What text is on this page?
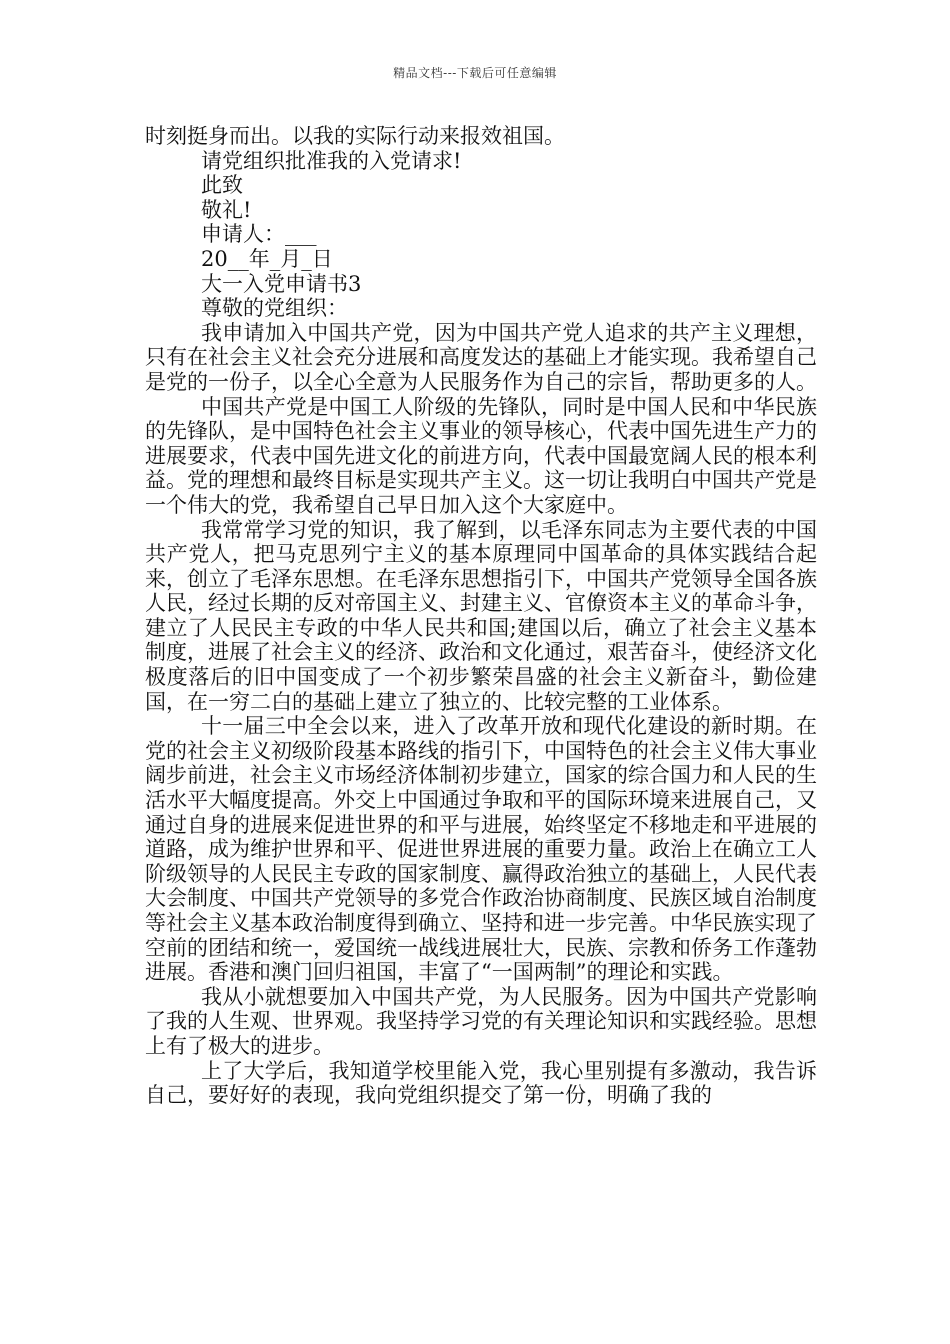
精品文档---下载后可任意编辑

时刻挺身而出。以我的实际行动来报效祖国。

请党组织批准我的入党请求!

此致

敬礼!

申请人：___

20__年_月_日

大一入党申请书3

尊敬的党组织：

我申请加入中国共产党，因为中国共产党人追求的共产主义理想，只有在社会主义社会充分进展和高度发达的基础上才能实现。我希望自己是党的一份子，以全心全意为人民服务作为自己的宗旨，帮助更多的人。

中国共产党是中国工人阶级的先锋队，同时是中国人民和中华民族的先锋队，是中国特色社会主义事业的领导核心，代表中国先进生产力的进展要求，代表中国先进文化的前进方向，代表中国最宽阔人民的根本利益。党的理想和最终目标是实现共产主义。这一切让我明白中国共产党是一个伟大的党，我希望自己早日加入这个大家庭中。

我常常学习党的知识，我了解到，以毛泽东同志为主要代表的中国共产党人，把马克思列宁主义的基本原理同中国革命的具体实践结合起来，创立了毛泽东思想。在毛泽东思想指引下，中国共产党领导全国各族人民，经过长期的反对帝国主义、封建主义、官僚资本主义的革命斗争，建立了人民民主专政的中华人民共和国;建国以后，确立了社会主义基本制度，进展了社会主义的经济、政治和文化通过，艰苦奋斗，使经济文化极度落后的旧中国变成了一个初步繁荣昌盛的社会主义新奋斗，勤俭建国，在一穷二白的基础上建立了独立的、比较完整的工业体系。

十一届三中全会以来，进入了改革开放和现代化建设的新时期。在党的社会主义初级阶段基本路线的指引下，中国特色的社会主义伟大事业阔步前进，社会主义市场经济体制初步建立，国家的综合国力和人民的生活水平大幅度提高。外交上中国通过争取和平的国际环境来进展自己，又通过自身的进展来促进世界的和平与进展，始终坚定不移地走和平进展的道路，成为维护世界和平、促进世界进展的重要力量。政治上在确立工人阶级领导的人民民主专政的国家制度、赢得政治独立的基础上，人民代表大会制度、中国共产党领导的多党合作政治协商制度、民族区域自治制度等社会主义基本政治制度得到确立、坚持和进一步完善。中华民族实现了空前的团结和统一，爱国统一战线进展壮大，民族、宗教和侨务工作蓬勃进展。香港和澳门回归祖国，丰富了“一国两制”的理论和实践。

我从小就想要加入中国共产党，为人民服务。因为中国共产党影响了我的人生观、世界观。我坚持学习党的有关理论知识和实践经验。思想上有了极大的进步。

上了大学后，我知道学校里能入党，我心里别提有多激动，我告诉自己，要好好的表现，我向党组织提交了第一份，明确了我的
